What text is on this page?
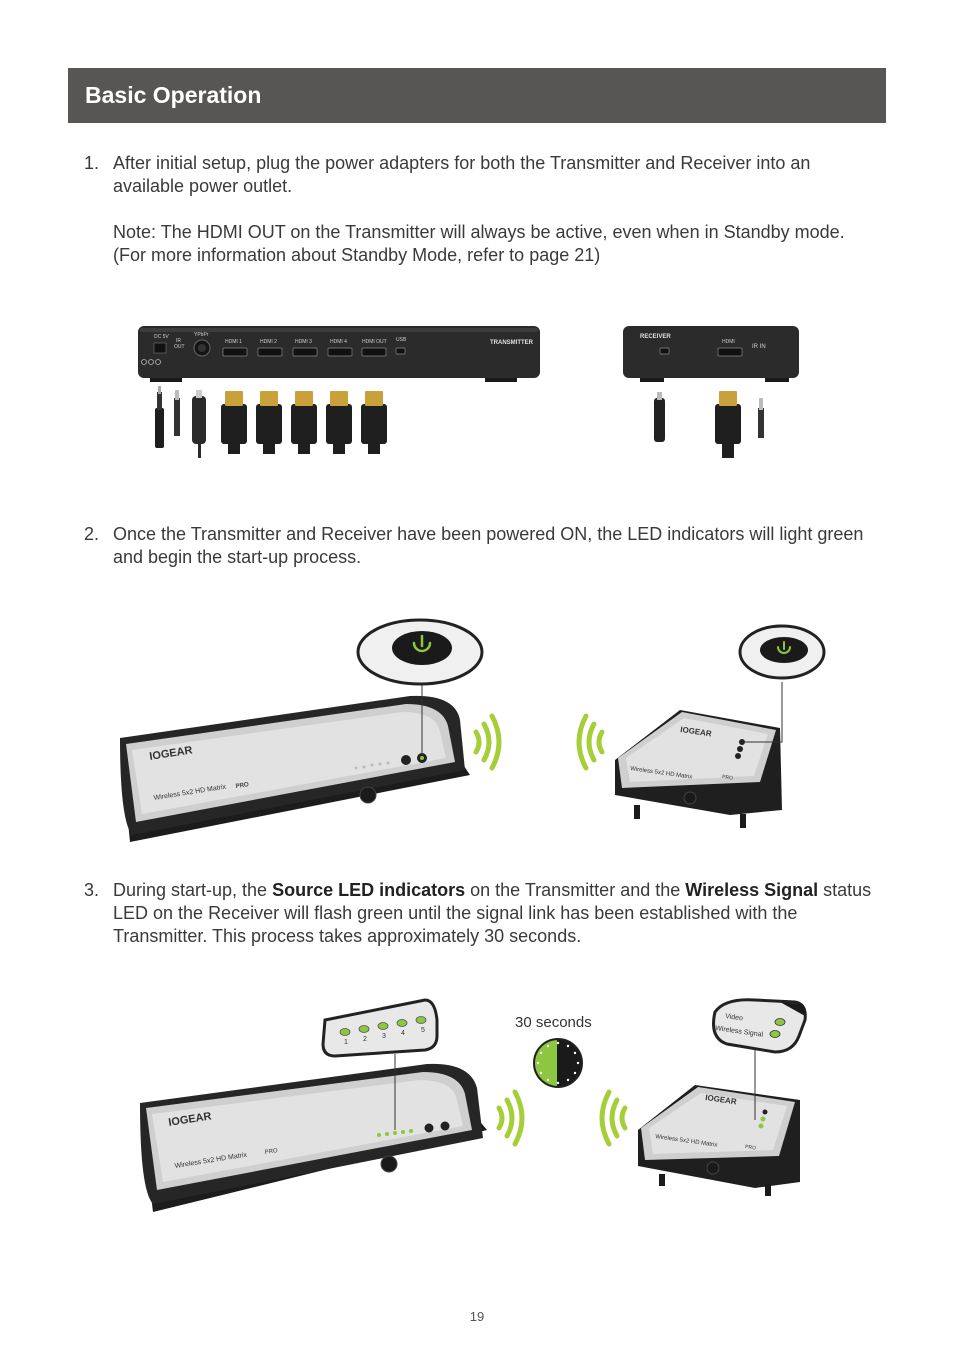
Basic Operation
1. After initial setup, plug the power adapters for both the Transmitter and Receiver into an available power outlet.

Note: The HDMI OUT on the Transmitter will always be active, even when in Standby mode. (For more information about Standby Mode, refer to page 21)

DC 5V
IR
OUT
YPbPr
HDMI 1	HDMI 2	HDMI 3	HDMI 4	HDMI OUT USB	TRANSMITTER
RECEIVER
HDMI
IR IN
2. Once the Transmitter and Receiver have been powered ON, the LED indicators will light green and begin the start-up process.

IOGEAR
Wireless 5x2 HD Matrix PRO
IOGEAR
Wireless 5x2 HD Matrix	PRO
3. During start-up, the Source LED indicators on the Transmitter and the Wireless Signal status LED on the Receiver will flash green until the signal link has been established with the Transmitter. This process takes approximately 30 seconds.

IOGEAR
Wireless 5x2 HD Matrix	PRO
1 2 3 4 5	30 seconds
IOGEAR
Wireless 5x2 HD Matrix	PRO
Video
Wireless Signal
19
